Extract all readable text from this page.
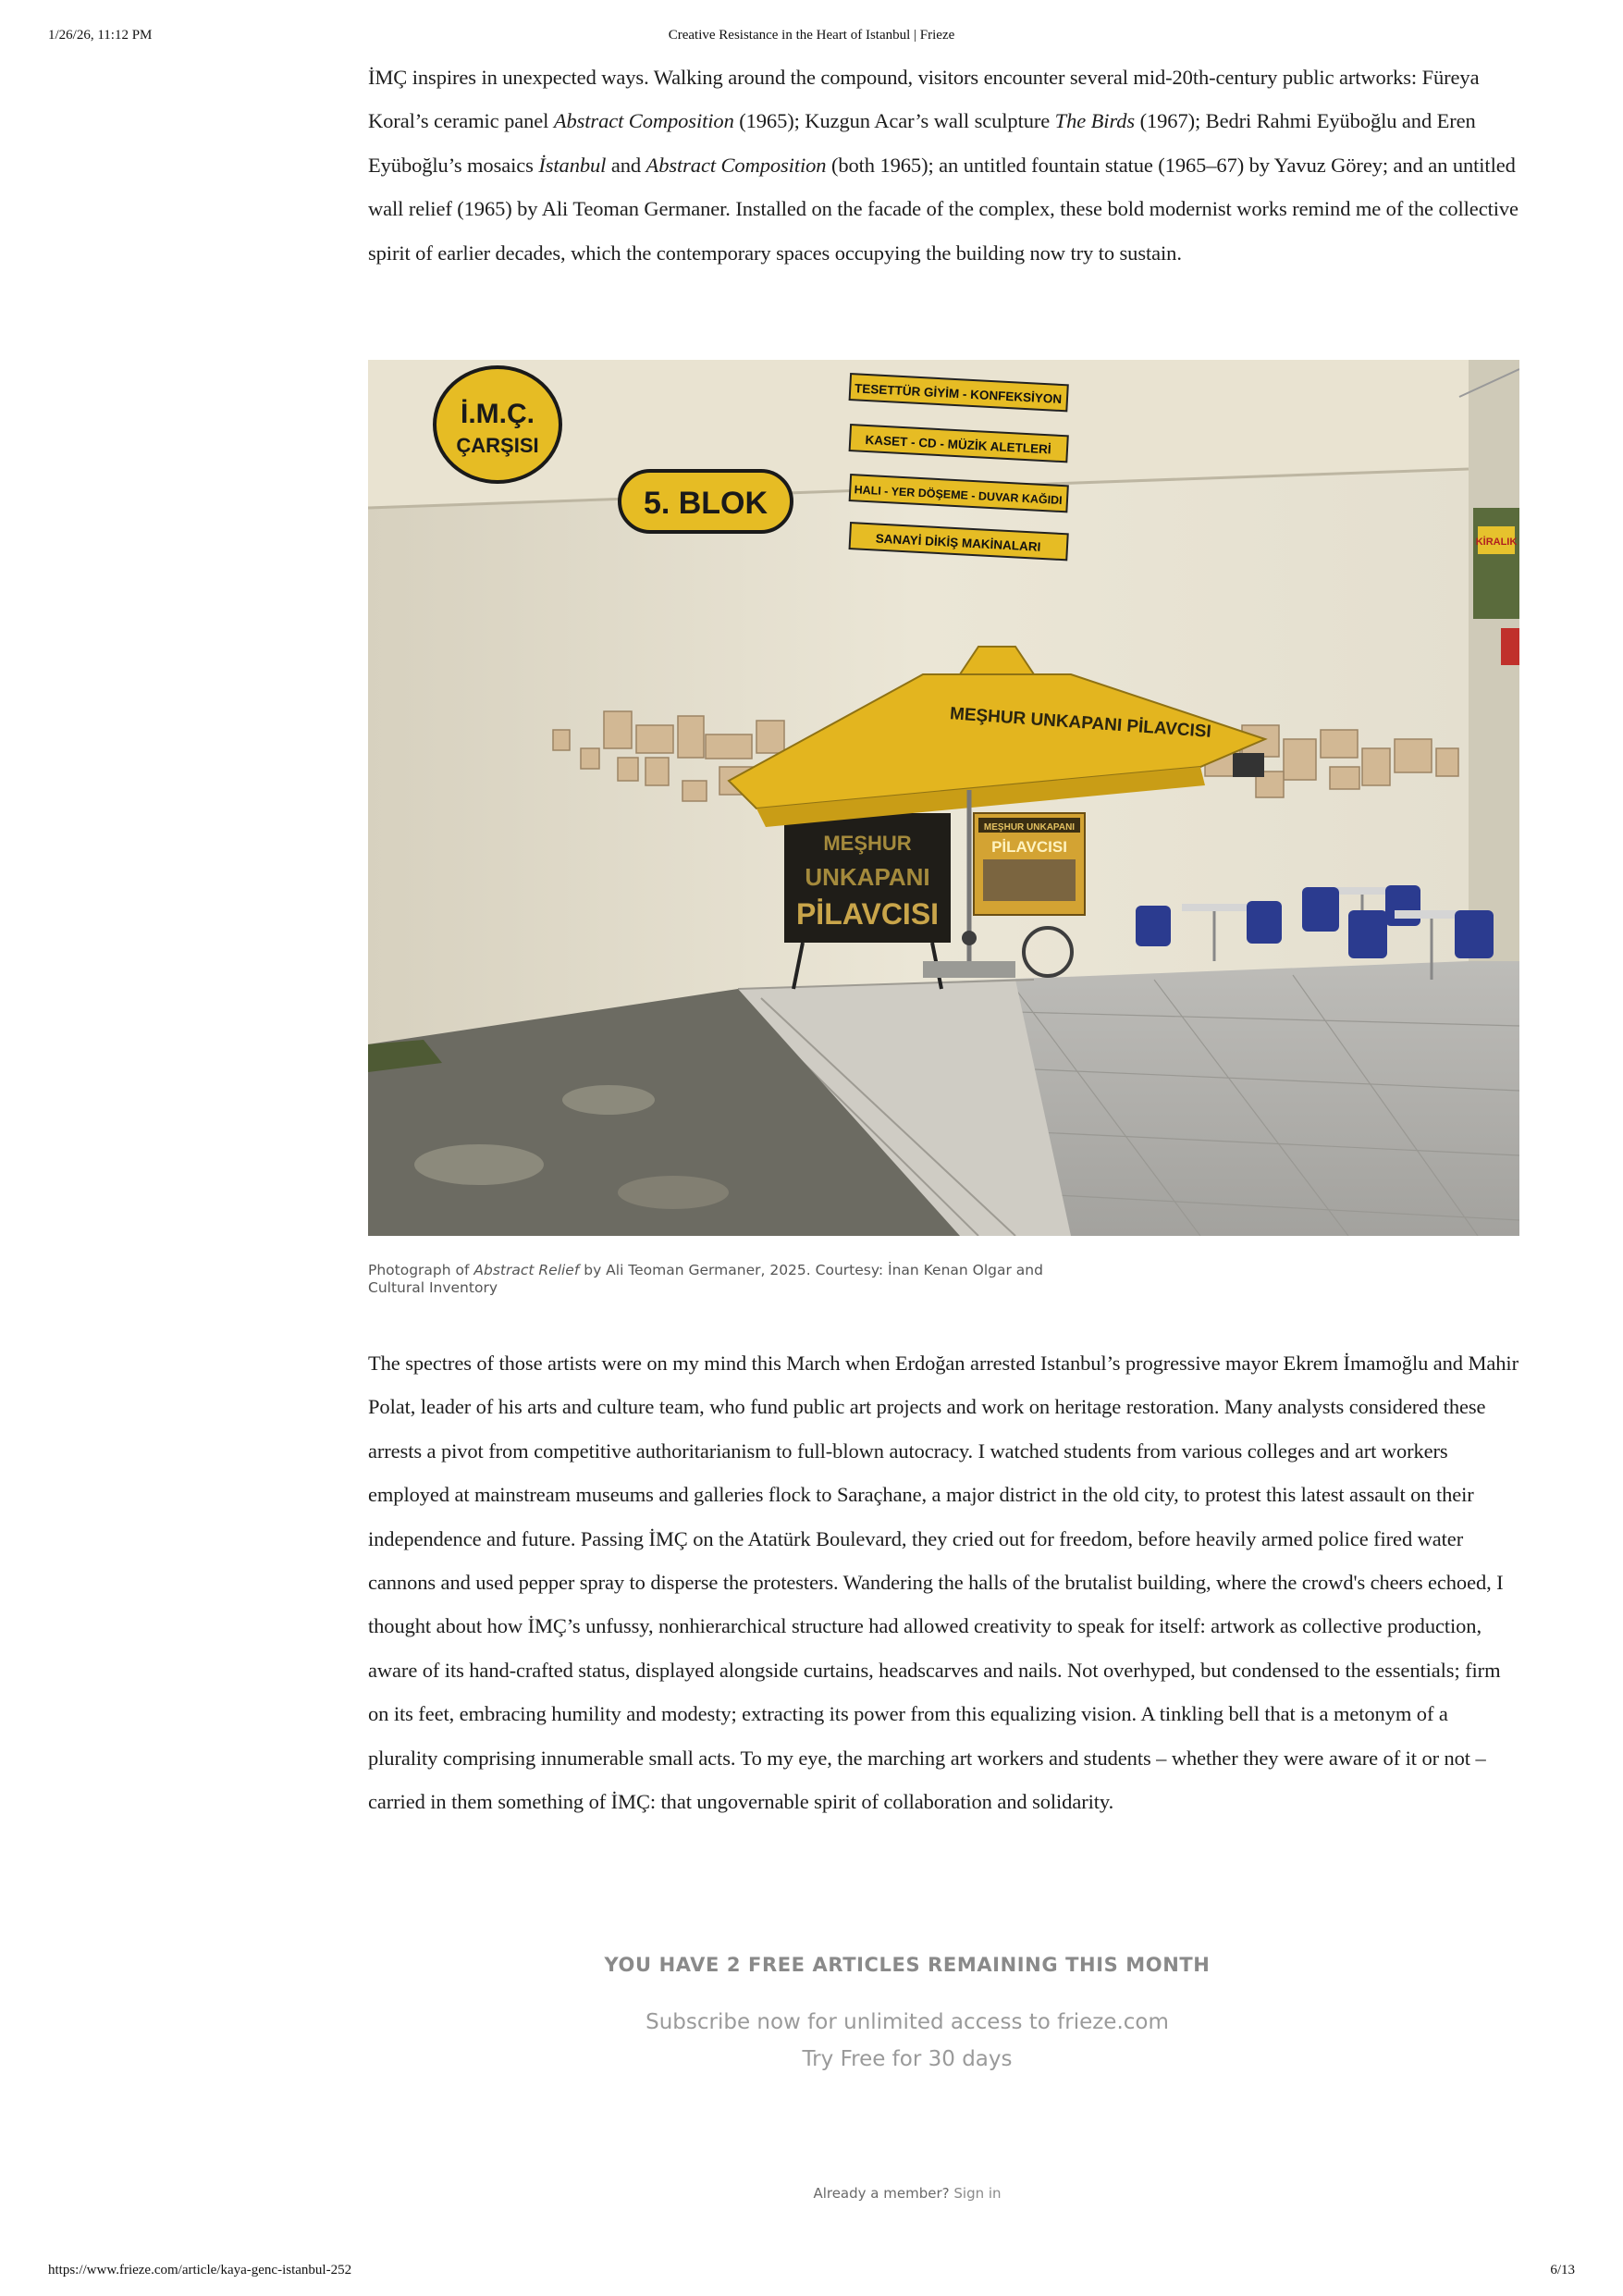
1/26/26, 11:12 PM	Creative Resistance in the Heart of Istanbul | Frieze

İMÇ inspires in unexpected ways. Walking around the compound, visitors encounter several mid-20th-century public artworks: Füreya Koral’s ceramic panel Abstract Composition (1965); Kuzgun Acar’s wall sculpture The Birds (1967); Bedri Rahmi Eyüboğlu and Eren Eyüboğlu’s mosaics İstanbul and Abstract Composition (both 1965); an untitled fountain statue (1965–67) by Yavuz Görey; and an untitled wall relief (1965) by Ali Teoman Germaner. Installed on the facade of the complex, these bold modernist works remind me of the collective spirit of earlier decades, which the contemporary spaces occupying the building now try to sustain.

KİRALIK
İ.M.Ç.
ÇARŞISI
5. BLOK
TESETTÜR GİYİM - KONFEKSİYON
KASET - CD - MÜZİK ALETLERİ
HALI - YER DÖŞEME - DUVAR KAĞIDI
SANAYİ DİKİŞ MAKİNALARI
MEŞHUR
UNKAPANI
PİLAVCISI
MEŞHUR UNKAPANI PİLAVCISI
MEŞHUR UNKAPANI
PİLAVCISI
Photograph of Abstract Relief by Ali Teoman Germaner, 2025. Courtesy: İnan Kenan Olgar and Cultural Inventory

The spectres of those artists were on my mind this March when Erdoğan arrested Istanbul’s progressive mayor Ekrem İmamoğlu and Mahir Polat, leader of his arts and culture team, who fund public art projects and work on heritage restoration. Many analysts considered these arrests a pivot from competitive authoritarianism to full-blown autocracy. I watched students from various colleges and art workers employed at mainstream museums and galleries flock to Saraçhane, a major district in the old city, to protest this latest assault on their independence and future. Passing İMÇ on the Atatürk Boulevard, they cried out for freedom, before heavily armed police fired water cannons and used pepper spray to disperse the protesters. Wandering the halls of the brutalist building, where the crowd's cheers echoed, I thought about how İMÇ’s unfussy, nonhierarchical structure had allowed creativity to speak for itself: artwork as collective production, aware of its hand-crafted status, displayed alongside curtains, headscarves and nails. Not overhyped, but condensed to the essentials; firm on its feet, embracing humility and modesty; extracting its power from this equalizing vision. A tinkling bell that is a metonym of a plurality comprising innumerable small acts. To my eye, the marching art workers and students – whether they were aware of it or not – carried in them something of İMÇ: that ungovernable spirit of collaboration and solidarity.

YOU HAVE 2 FREE ARTICLES REMAINING THIS MONTH
Subscribe now for unlimited access to frieze.com
Try Free for 30 days
Already a member? Sign in
https://www.frieze.com/article/kaya-genc-istanbul-252	6/13
